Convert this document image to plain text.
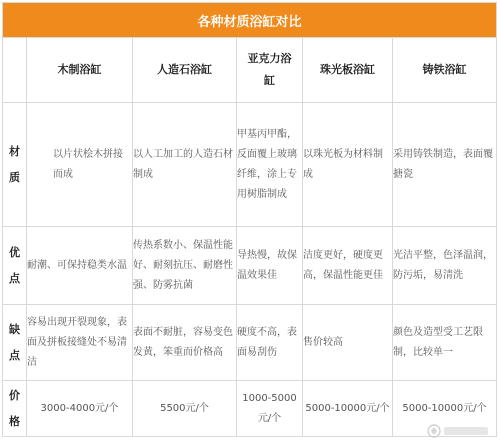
各种材质浴缸对比					
	木制浴缸	人造石浴缸	亚克力浴缸	珠光板浴缸	铸铁浴缸

材
质	以片状桧木拼接而成	以人工加工的人造石材制成	甲基丙甲酯，反面覆上玻璃纤维，涂上专用树脂制成	以珠光板为材料制成	采用铸铁制造，表面覆搪瓷

优
点	耐潮、可保持稳类水温	传热系数小、保温性能好、耐刻抗压、耐磨性强、防雾抗菌	导热慢，故保温效果佳	洁度更好，硬度更高，保温性能更佳	光洁平整，色泽温润，防污垢，易清洗

缺
点	容易出现开裂现象，表面及拼板接缝处不易清洁	表面不耐脏，容易变色发黄，笨重而价格高	硬度不高，表面易刮伤	售价较高	颜色及造型受工艺限制，比较单一

价
格	3000-4000元/个	5500元/个	1000-5000元/个	5000-10000元/个	5000-10000元/个
